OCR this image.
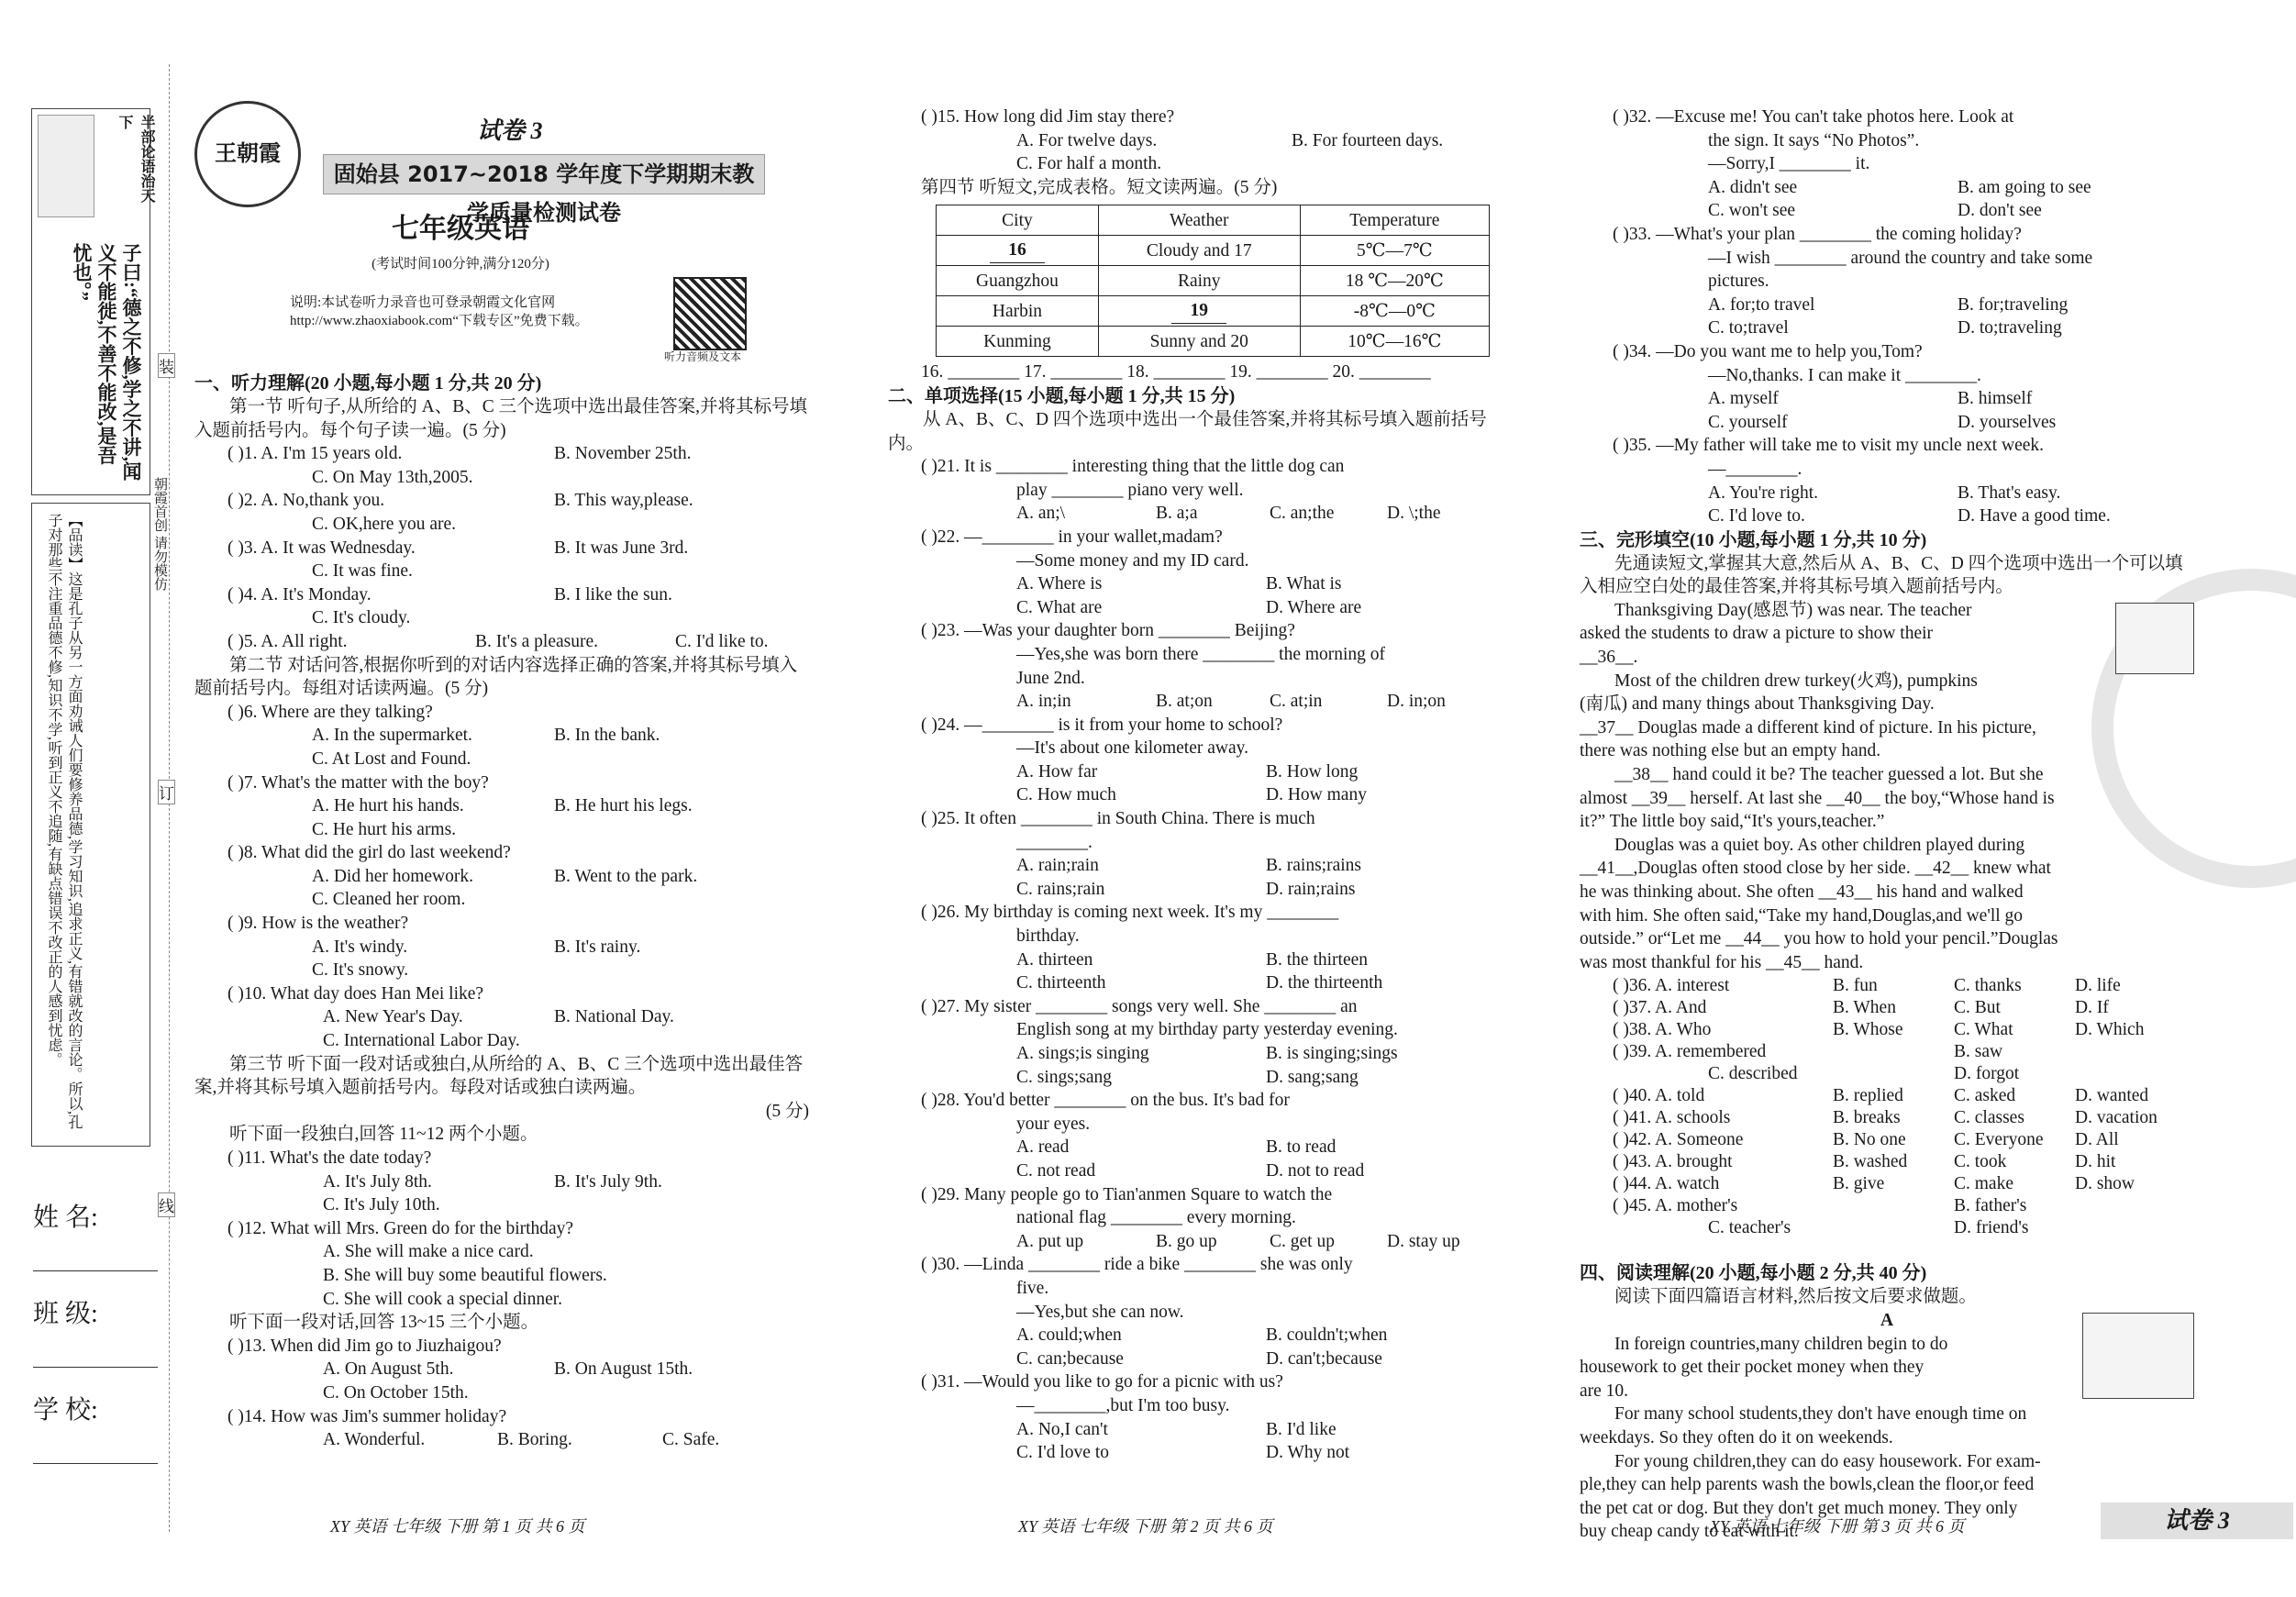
半部论语治天下
子曰:“德之不修,学之不讲,闻义不能徙,不善不能改,是吾忧也。”
【品读】这是孔子从另一方面劝诫人们要修养品德,学习知识,追求正义,有错就改的言论。所以,孔子对那些不注重品德不修,知识不学,听到正义不追随,有缺点错误不改正的人感到忧虑。	朝霞首创 请勿模仿
装
订
线
姓 名:
班 级:
学 校:
王朝霞
试卷 3
固始县 2017~2018 学年度下学期期末教学质量检测试卷
七年级英语
(考试时间100分钟,满分120分)
说明:本试卷听力录音也可登录朝霞文化官网 http://www.zhaoxiabook.com“下载专区”免费下载。
听力音频及文本
一、听力理解(20 小题,每小题 1 分,共 20 分)
第一节 听句子,从所给的 A、B、C 三个选项中选出最佳答案,并将其标号填入题前括号内。每个句子读一遍。(5 分)
( )1. A. I'm 15 years old.	B. November 25th.
C. On May 13th,2005.
( )2. A. No,thank you.	B. This way,please.
C. OK,here you are.
( )3. A. It was Wednesday.	B. It was June 3rd.
C. It was fine.
( )4. A. It's Monday.	B. I like the sun.
C. It's cloudy.
( )5. A. All right.	B. It's a pleasure.	C. I'd like to.
第二节 对话问答,根据你听到的对话内容选择正确的答案,并将其标号填入题前括号内。每组对话读两遍。(5 分)
( )6. Where are they talking?
A. In the supermarket.	B. In the bank.
C. At Lost and Found.
( )7. What's the matter with the boy?
A. He hurt his hands.	B. He hurt his legs.
C. He hurt his arms.
( )8. What did the girl do last weekend?
A. Did her homework.	B. Went to the park.
C. Cleaned her room.
( )9. How is the weather?
A. It's windy.	B. It's rainy.
C. It's snowy.
( )10. What day does Han Mei like?
A. New Year's Day.	B. National Day.
C. International Labor Day.
第三节 听下面一段对话或独白,从所给的 A、B、C 三个选项中选出最佳答案,并将其标号填入题前括号内。每段对话或独白读两遍。
(5 分)
听下面一段独白,回答 11~12 两个小题。
( )11. What's the date today?
A. It's July 8th.	B. It's July 9th.
C. It's July 10th.
( )12. What will Mrs. Green do for the birthday?
A. She will make a nice card.
B. She will buy some beautiful flowers.
C. She will cook a special dinner.
听下面一段对话,回答 13~15 三个小题。
( )13. When did Jim go to Jiuzhaigou?
A. On August 5th.	B. On August 15th.
C. On October 15th.
( )14. How was Jim's summer holiday?
A. Wonderful.	B. Boring.	C. Safe.
( )15. How long did Jim stay there?
A. For twelve days.	B. For fourteen days.
C. For half a month.
第四节 听短文,完成表格。短文读两遍。(5 分)
City	Weather	Temperature
16	Cloudy and 17	5℃—7℃
Guangzhou	Rainy	18 ℃—20℃
Harbin	19	-8℃—0℃
Kunming	Sunny and 20	10℃—16℃
16. ________ 17. ________ 18. ________ 19. ________ 20. ________
二、单项选择(15 小题,每小题 1 分,共 15 分)
从 A、B、C、D 四个选项中选出一个最佳答案,并将其标号填入题前括号内。
( )21. It is ________ interesting thing that the little dog can
play ________ piano very well.
A. an;\	B. a;a	C. an;the	D. \;the
( )22. —________ in your wallet,madam?
—Some money and my ID card.
A. Where is	B. What is
C. What are	D. Where are
( )23. —Was your daughter born ________ Beijing?
—Yes,she was born there ________ the morning of
June 2nd.
A. in;in	B. at;on	C. at;in	D. in;on
( )24. —________ is it from your home to school?
—It's about one kilometer away.
A. How far	B. How long
C. How much	D. How many
( )25. It often ________ in South China. There is much
________.
A. rain;rain	B. rains;rains
C. rains;rain	D. rain;rains
( )26. My birthday is coming next week. It's my ________
birthday.
A. thirteen	B. the thirteen
C. thirteenth	D. the thirteenth
( )27. My sister ________ songs very well. She ________ an
English song at my birthday party yesterday evening.
A. sings;is singing	B. is singing;sings
C. sings;sang	D. sang;sang
( )28. You'd better ________ on the bus. It's bad for
your eyes.
A. read	B. to read
C. not read	D. not to read
( )29. Many people go to Tian'anmen Square to watch the
national flag ________ every morning.
A. put up	B. go up	C. get up	D. stay up
( )30. —Linda ________ ride a bike ________ she was only
five.
—Yes,but she can now.
A. could;when	B. couldn't;when
C. can;because	D. can't;because
( )31. —Would you like to go for a picnic with us?
—________,but I'm too busy.
A. No,I can't	B. I'd like
C. I'd love to	D. Why not
( )32. —Excuse me! You can't take photos here. Look at
the sign. It says “No Photos”.
—Sorry,I ________ it.
A. didn't see	B. am going to see
C. won't see	D. don't see
( )33. —What's your plan ________ the coming holiday?
—I wish ________ around the country and take some
pictures.
A. for;to travel	B. for;traveling
C. to;travel	D. to;traveling
( )34. —Do you want me to help you,Tom?
—No,thanks. I can make it ________.
A. myself	B. himself
C. yourself	D. yourselves
( )35. —My father will take me to visit my uncle next week.
—________.
A. You're right.	B. That's easy.
C. I'd love to.	D. Have a good time.
三、完形填空(10 小题,每小题 1 分,共 10 分)
先通读短文,掌握其大意,然后从 A、B、C、D 四个选项中选出一个可以填入相应空白处的最佳答案,并将其标号填入题前括号内。
Thanksgiving Day(感恩节) was near. The teacher
asked the students to draw a picture to show their
__36__.
Most of the children drew turkey(火鸡), pumpkins
(南瓜) and many things about Thanksgiving Day.
__37__ Douglas made a different kind of picture. In his picture,
there was nothing else but an empty hand.
__38__ hand could it be? The teacher guessed a lot. But she
almost __39__ herself. At last she __40__ the boy,“Whose hand is
it?” The little boy said,“It's yours,teacher.”
Douglas was a quiet boy. As other children played during
__41__,Douglas often stood close by her side. __42__ knew what
he was thinking about. She often __43__ his hand and walked
with him. She often said,“Take my hand,Douglas,and we'll go
outside.” or“Let me __44__ you how to hold your pencil.”Douglas
was most thankful for his __45__ hand.
( )36. A. interest	B. fun	C. thanks	D. life
( )37. A. And	B. When	C. But	D. If
( )38. A. Who	B. Whose	C. What	D. Which
( )39. A. remembered	B. saw
C. described	D. forgot
( )40. A. told	B. replied	C. asked	D. wanted
( )41. A. schools	B. breaks	C. classes	D. vacation
( )42. A. Someone	B. No one	C. Everyone D. All
( )43. A. brought	B. washed	C. took	D. hit
( )44. A. watch	B. give	C. make	D. show
( )45. A. mother's	B. father's
C. teacher's	D. friend's
四、阅读理解(20 小题,每小题 2 分,共 40 分)
阅读下面四篇语言材料,然后按文后要求做题。
A
In foreign countries,many children begin to do
housework to get their pocket money when they
are 10.
For many school students,they don't have enough time on
weekdays. So they often do it on weekends.
For young children,they can do easy housework. For exam-
ple,they can help parents wash the bowls,clean the floor,or feed
the pet cat or dog. But they don't get much money. They only
buy cheap candy to eat with it.
XY 英语 七年级 下册 第 1 页 共 6 页	XY 英语 七年级 下册 第 2 页 共 6 页	XY 英语 七年级 下册 第 3 页 共 6 页	试卷 3
